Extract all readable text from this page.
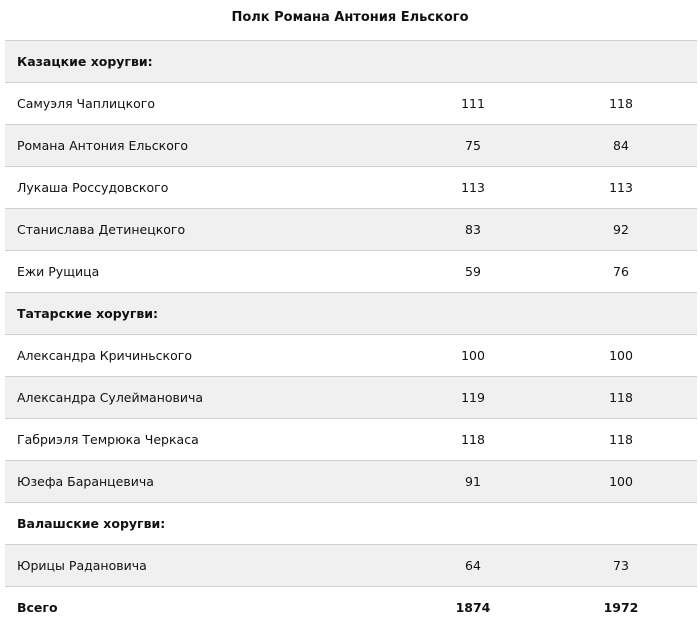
Полк Романа Антония Ельского
Казацкие хоругви:
Самуэля Чаплицкого	111	118
Романа Антония Ельского	75	84
Лукаша Россудовского	113	113
Станислава Детинецкого	83	92
Ежи Рущица	59	76
Татарские хоругви:
Александра Кричиньского	100	100
Александра Сулеймановича	119	118
Габриэля Темрюка Черкаса	118	118
Юзефа Баранцевича	91	100
Валашские хоругви:
Юрицы Радановича	64	73
Всего	1874	1972
